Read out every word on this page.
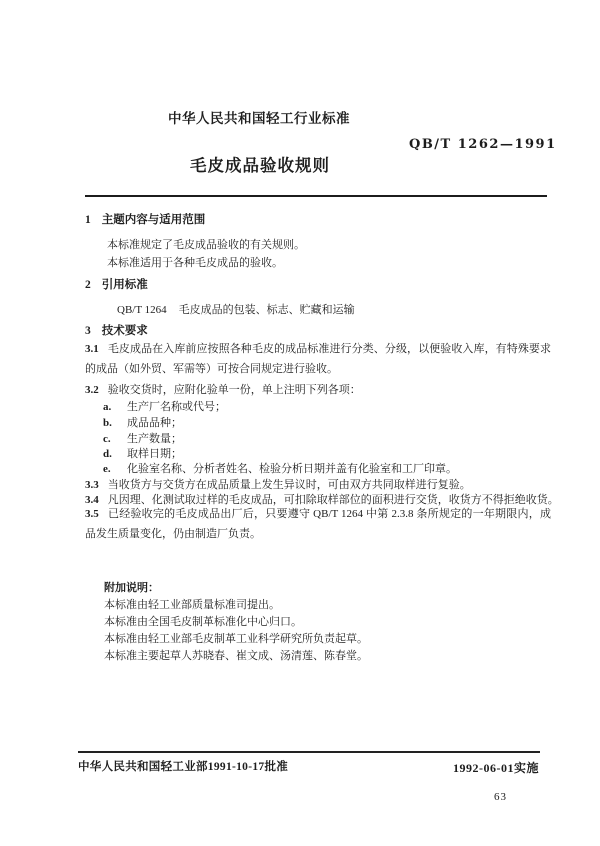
中华人民共和国轻工行业标准
QB/T 1262—1991
毛皮成品验收规则
1 主题内容与适用范围
本标准规定了毛皮成品验收的有关规则。
本标准适用于各种毛皮成品的验收。
2 引用标准
QB/T 1264 毛皮成品的包装、标志、贮藏和运输
3 技术要求
3.1 毛皮成品在入库前应按照各种毛皮的成品标准进行分类、分级，以便验收入库，有特殊要求的成品（如外贸、军需等）可按合同规定进行验收。
3.2 验收交货时，应附化验单一份，单上注明下列各项：
a. 生产厂名称或代号；
b. 成品品种；
c. 生产数量；
d. 取样日期；
e. 化验室名称、分析者姓名、检验分析日期并盖有化验室和工厂印章。
3.3 当收货方与交货方在成品质量上发生异议时，可由双方共同取样进行复验。
3.4 凡因理、化测试取过样的毛皮成品，可扣除取样部位的面积进行交货，收货方不得拒绝收货。
3.5 已经验收完的毛皮成品出厂后，只要遵守 QB/T 1264 中第 2.3.8 条所规定的一年期限内，成品发生质量变化，仍由制造厂负责。
附加说明：
本标准由轻工业部质量标准司提出。
本标准由全国毛皮制革标准化中心归口。
本标准由轻工业部毛皮制革工业科学研究所负责起草。
本标准主要起草人苏晓春、崔文成、汤清莲、陈春堂。
中华人民共和国轻工业部1991-10-17批准	1992-06-01实施
63
